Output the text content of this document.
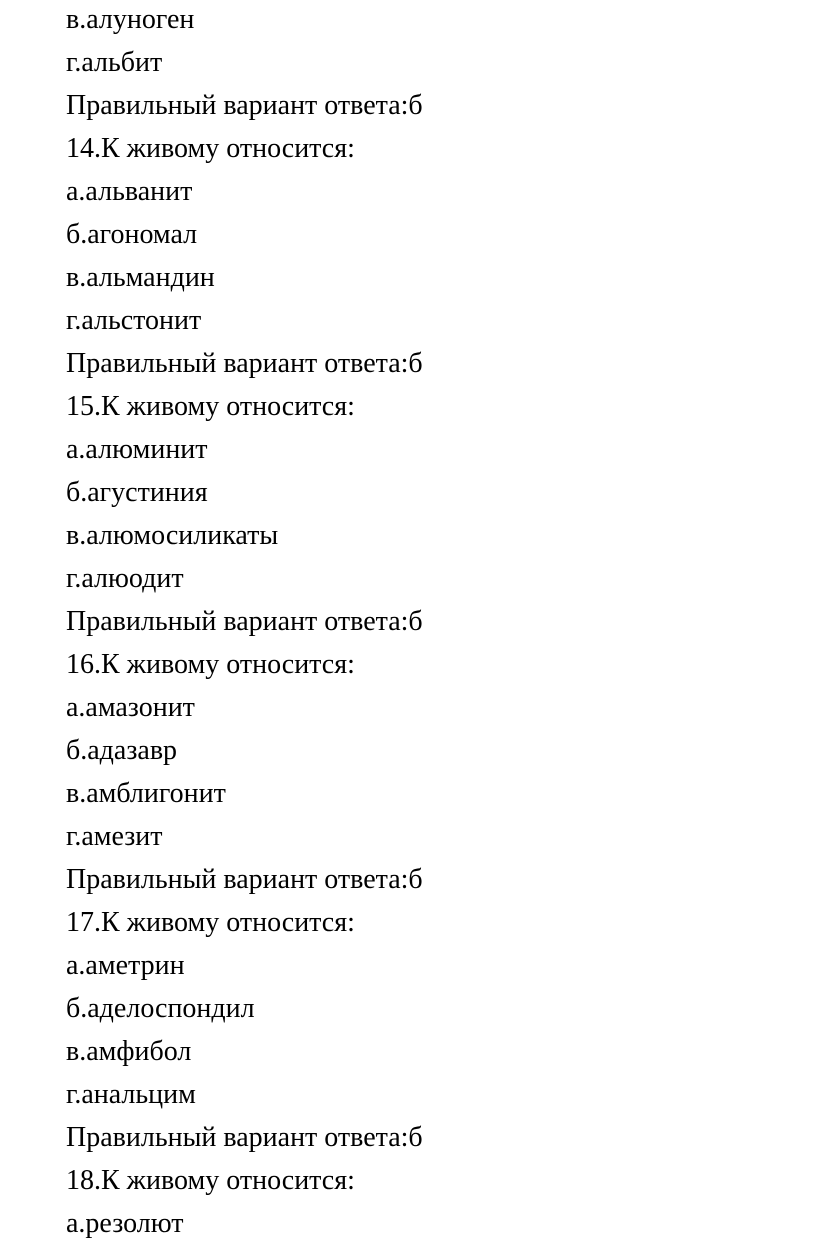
в.алуноген
г.альбит
Правильный вариант ответа:б
14.К живому относится:
а.альванит
б.агономал
в.альмандин
г.альстонит
Правильный вариант ответа:б
15.К живому относится:
а.алюминит
б.агустиния
в.алюмосиликаты
г.алюодит
Правильный вариант ответа:б
16.К живому относится:
а.амазонит
б.адазавр
в.амблигонит
г.амезит
Правильный вариант ответа:б
17.К живому относится:
а.аметрин
б.аделоспондил
в.амфибол
г.анальцим
Правильный вариант ответа:б
18.К живому относится:
а.резолют
